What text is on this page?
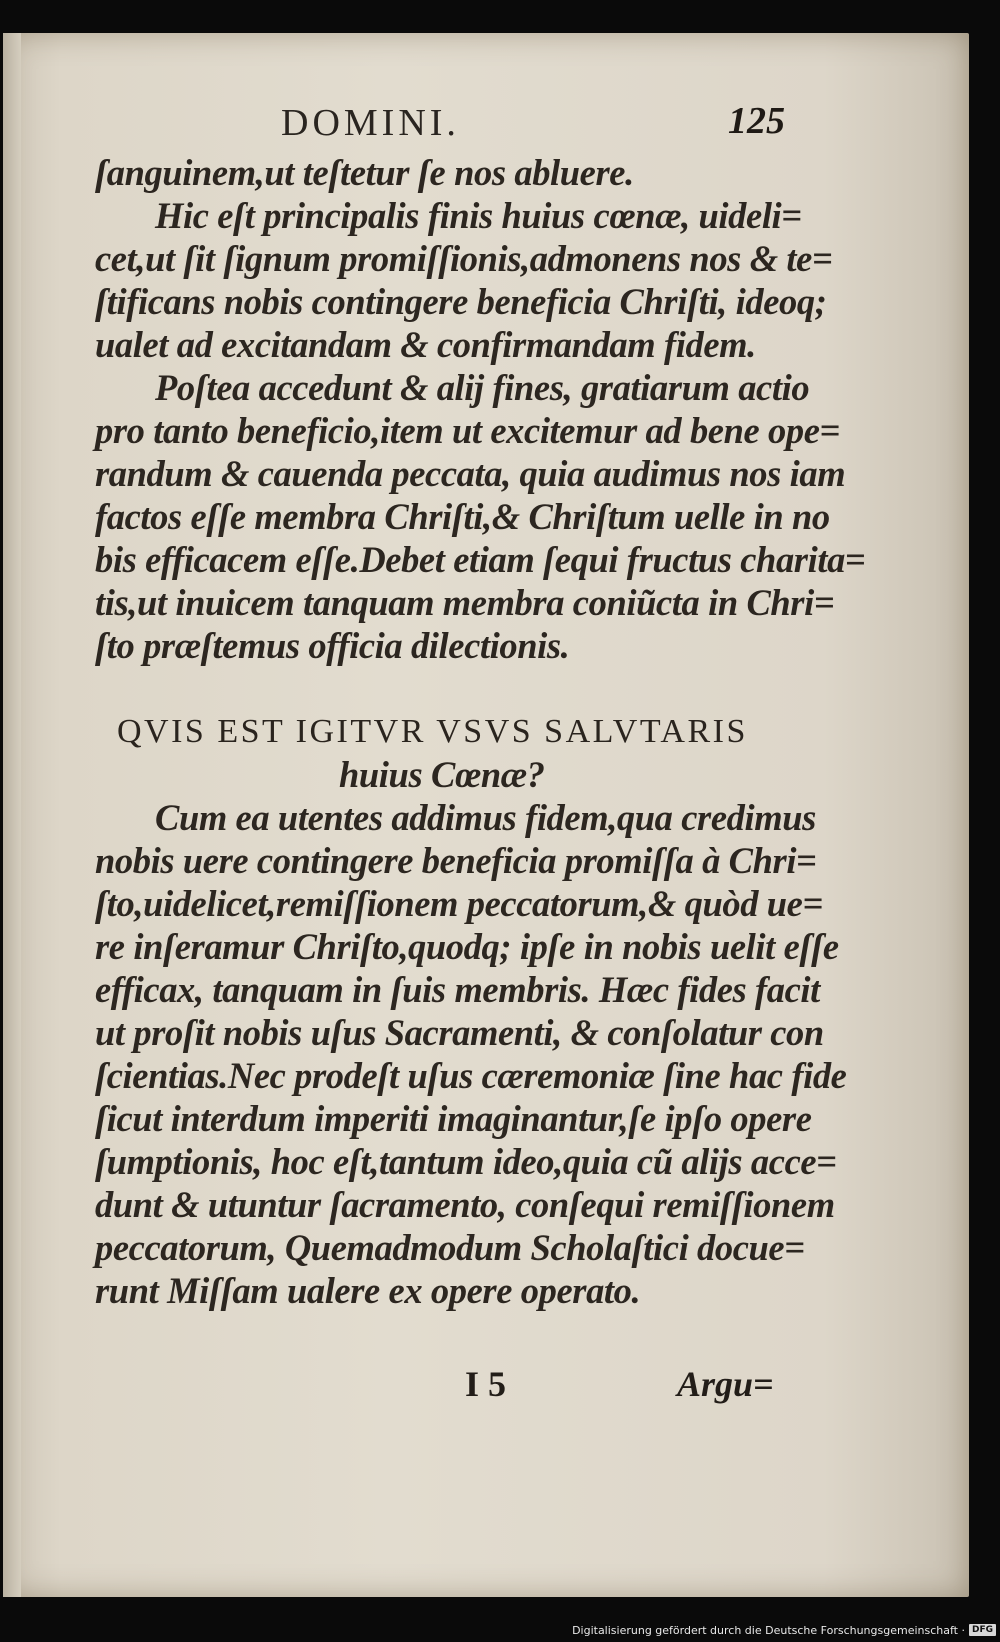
DOMINI.	125
ſanguinem,ut teſtetur ſe nos abluere.
Hic eſt principalis finis huius cœnæ, uideli=
cet,ut ſit ſignum promiſſionis,admonens nos & te=
ſtificans nobis contingere beneficia Chriſti, ideoq;
ualet ad excitandam & confirmandam fidem.
Poſtea accedunt & alij fines, gratiarum actio
pro tanto beneficio,item ut excitemur ad bene ope=
randum & cauenda peccata, quia audimus nos iam
factos eſſe membra Chriſti,& Chriſtum uelle in no
bis efficacem eſſe.Debet etiam ſequi fructus charita=
tis,ut inuicem tanquam membra coniũcta in Chri=
ſto præſtemus officia dilectionis.
QVIS EST IGITVR VSVS SALVTARIS
huius Cœnæ?
Cum ea utentes addimus fidem,qua credimus
nobis uere contingere beneficia promiſſa à Chri=
ſto,uidelicet,remiſſionem peccatorum,& quòd ue=
re inſeramur Chriſto,quodq; ipſe in nobis uelit eſſe
efficax, tanquam in ſuis membris. Hæc fides facit
ut proſit nobis uſus Sacramenti, & conſolatur con
ſcientias.Nec prodeſt uſus cæremoniæ ſine hac fide
ſicut interdum imperiti imaginantur,ſe ipſo opere
ſumptionis, hoc eſt,tantum ideo,quia cũ alijs acce=
dunt & utuntur ſacramento, conſequi remiſſionem
peccatorum, Quemadmodum Scholaſtici docue=
runt Miſſam ualere ex opere operato.
I 5	Argu=
Digitalisierung gefördert durch die Deutsche Forschungsgemeinschaft · DFG
